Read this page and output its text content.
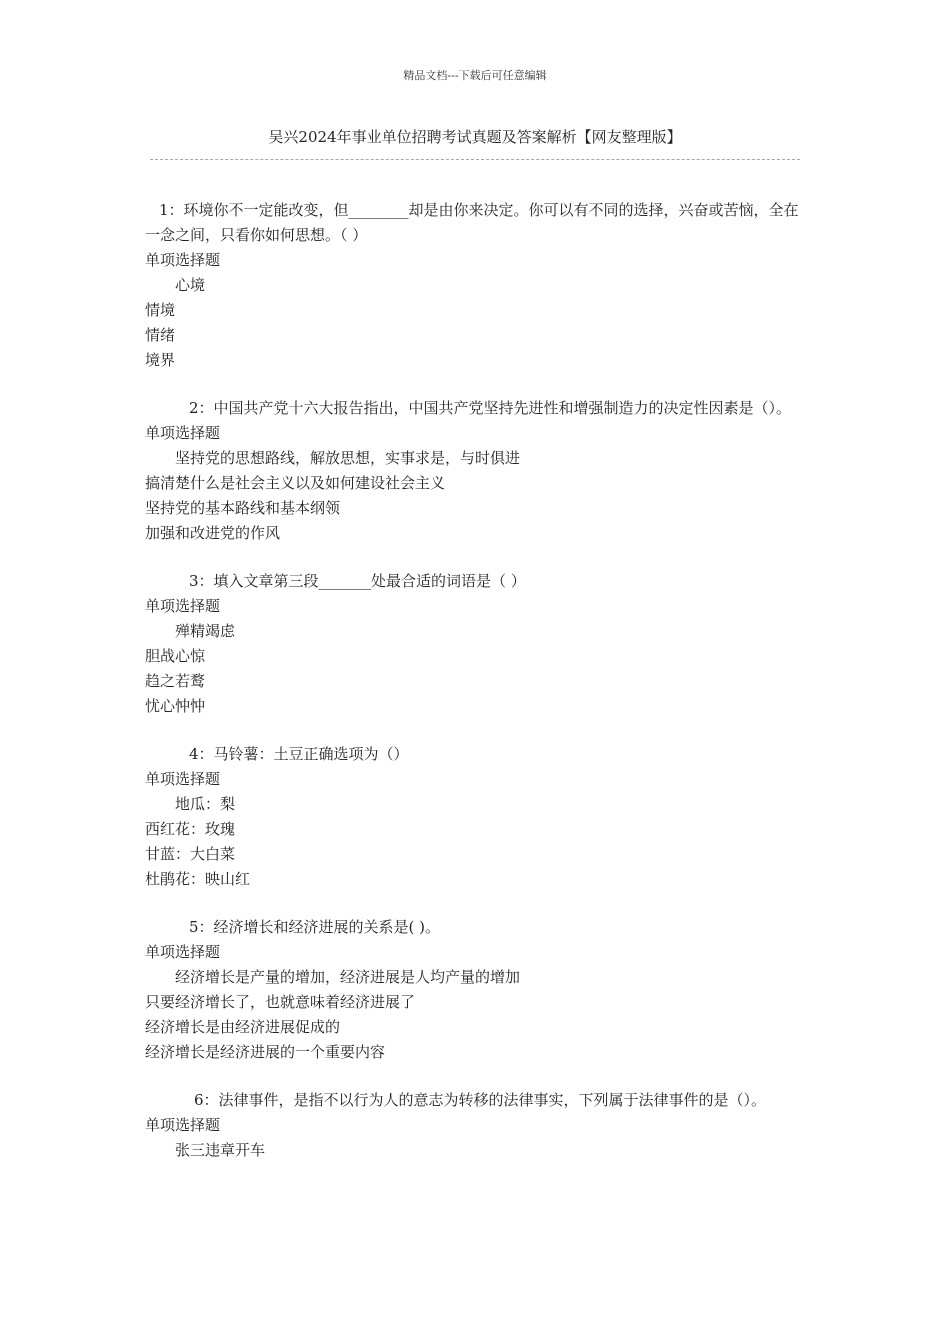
精品文档---下载后可任意编辑
吴兴2024年事业单位招聘考试真题及答案解析【网友整理版】

1：环境你不一定能改变，但________却是由你来决定。你可以有不同的选择，兴奋或苦恼，全在一念之间，只看你如何思想。（ ）

单项选择题

心境

情境

情绪

境界

2：中国共产党十六大报告指出，中国共产党坚持先进性和增强制造力的决定性因素是（）。

单项选择题

坚持党的思想路线，解放思想，实事求是，与时俱进

搞清楚什么是社会主义以及如何建设社会主义

坚持党的基本路线和基本纲领

加强和改进党的作风

3：填入文章第三段_______处最合适的词语是（ ）

单项选择题

殚精竭虑

胆战心惊

趋之若鹜

忧心忡忡

4：马铃薯：土豆正确选项为（）

单项选择题

地瓜：梨

西红花：玫瑰

甘蓝：大白菜

杜鹃花：映山红

5：经济增长和经济进展的关系是( )。

单项选择题

经济增长是产量的增加，经济进展是人均产量的增加

只要经济增长了，也就意味着经济进展了

经济增长是由经济进展促成的

经济增长是经济进展的一个重要内容

6：法律事件，是指不以行为人的意志为转移的法律事实，下列属于法律事件的是（）。

单项选择题

张三违章开车
